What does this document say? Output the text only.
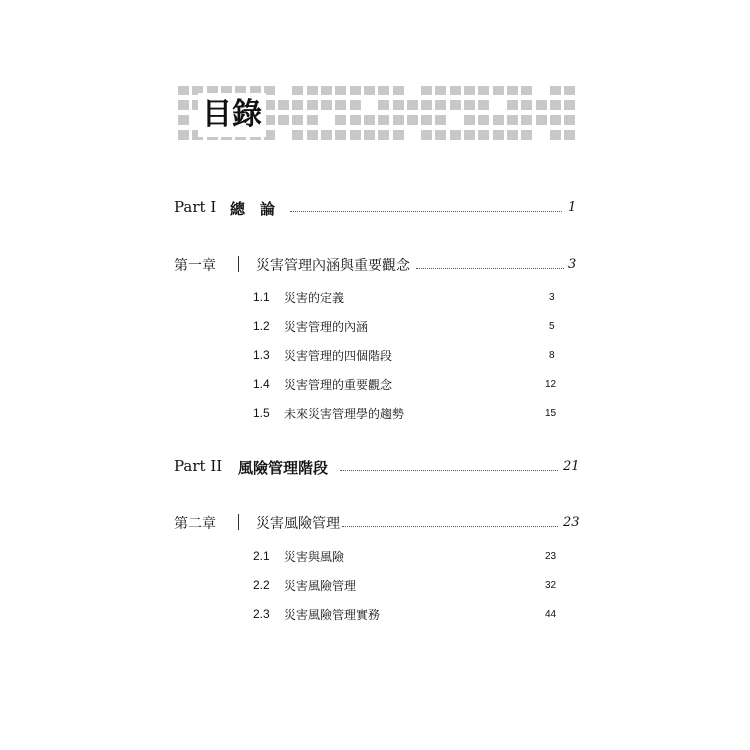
目錄
Part I 總　論	1
第一章	災害管理內涵與重要觀念	3
1.1 災害的定義	3
1.2 災害管理的內涵	5
1.3 災害管理的四個階段	8
1.4 災害管理的重要觀念	12
1.5 未來災害管理學的趨勢	15
Part II 風險管理階段	21
第二章	災害風險管理	23
2.1 災害與風險	23
2.2 災害風險管理	32
2.3 災害風險管理實務	44
